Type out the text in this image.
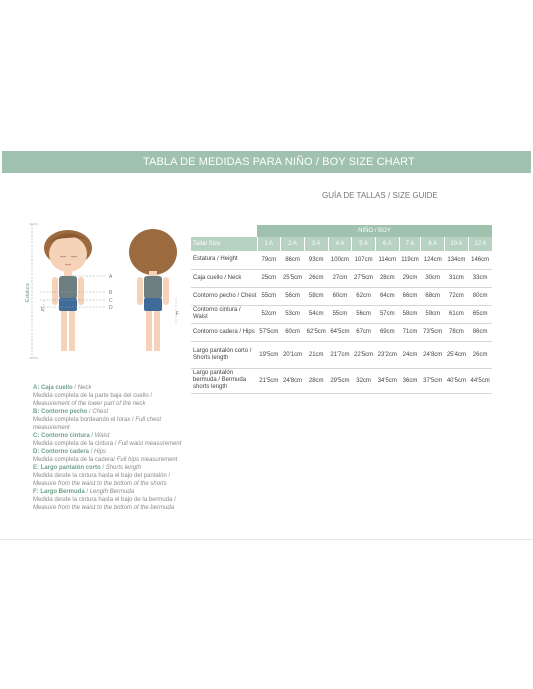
TABLA DE MEDIDAS PARA NIÑO / BOY SIZE CHART
GUÍA DE TALLAS / SIZE GUIDE
Estatura
A
B
C
D
E
F
A: Caja cuello / Neck
Medida completa de la parte baja del cuello / Measurement of the lower part of the neck
B: Contorno pecho / Chest
Medida completa bordeando el torax / Full chest measurement
C: Contorno cintura / Waist
Medida completa de la cintura / Full waist measurement
D: Contorno cadera / Hips
Medida completa de la cadera/ Full hips measurement
E: Largo pantalón corto / Shorts length
Medida desde la cintura hasta el bajo del pantalón / Measure from the waist to the bottom of the shorts
F: Largo Bermuda / Length Bermuda
Medida desde la cintura hasta el bajo de la bermuda / Measure from the waist to the bottom of the bermuda
	NIÑO / BOY									
Talla/ Size	1 A	2 A	3 A	4 A	5 A	6 A	7 A	8 A	10 A	12 A
Estatura / Height	79cm	86cm	93cm	100cm	107cm	114cm	119cm	124cm	134cm	146cm
Caja cuello / Neck	25cm	25'5cm	26cm	27cm	27'5cm	28cm	29cm	30cm	31cm	33cm
Contorno pecho / Chest	55cm	56cm	58cm	60cm	62cm	64cm	66cm	68cm	72cm	80cm
Contorno cintura / Waist	52cm	53cm	54cm	55cm	56cm	57cm	58cm	59cm	61cm	65cm
Contorno cadera / Hips	57'5cm	60cm	62'5cm	64'5cm	67cm	69cm	71cm	73'5cm	78cm	86cm
Largo pantalón corto / Shorts length	19'5cm	20'1cm	21cm	21'7cm	22'5cm	23'2cm	24cm	24'8cm	25'4cm	26cm
Largo pantalón bermuda / Bermuda shorts length	21'5cm	24'8cm	28cm	29'5cm	32cm	34'5cm	36cm	37'5cm	40'5cm	44'5cm
